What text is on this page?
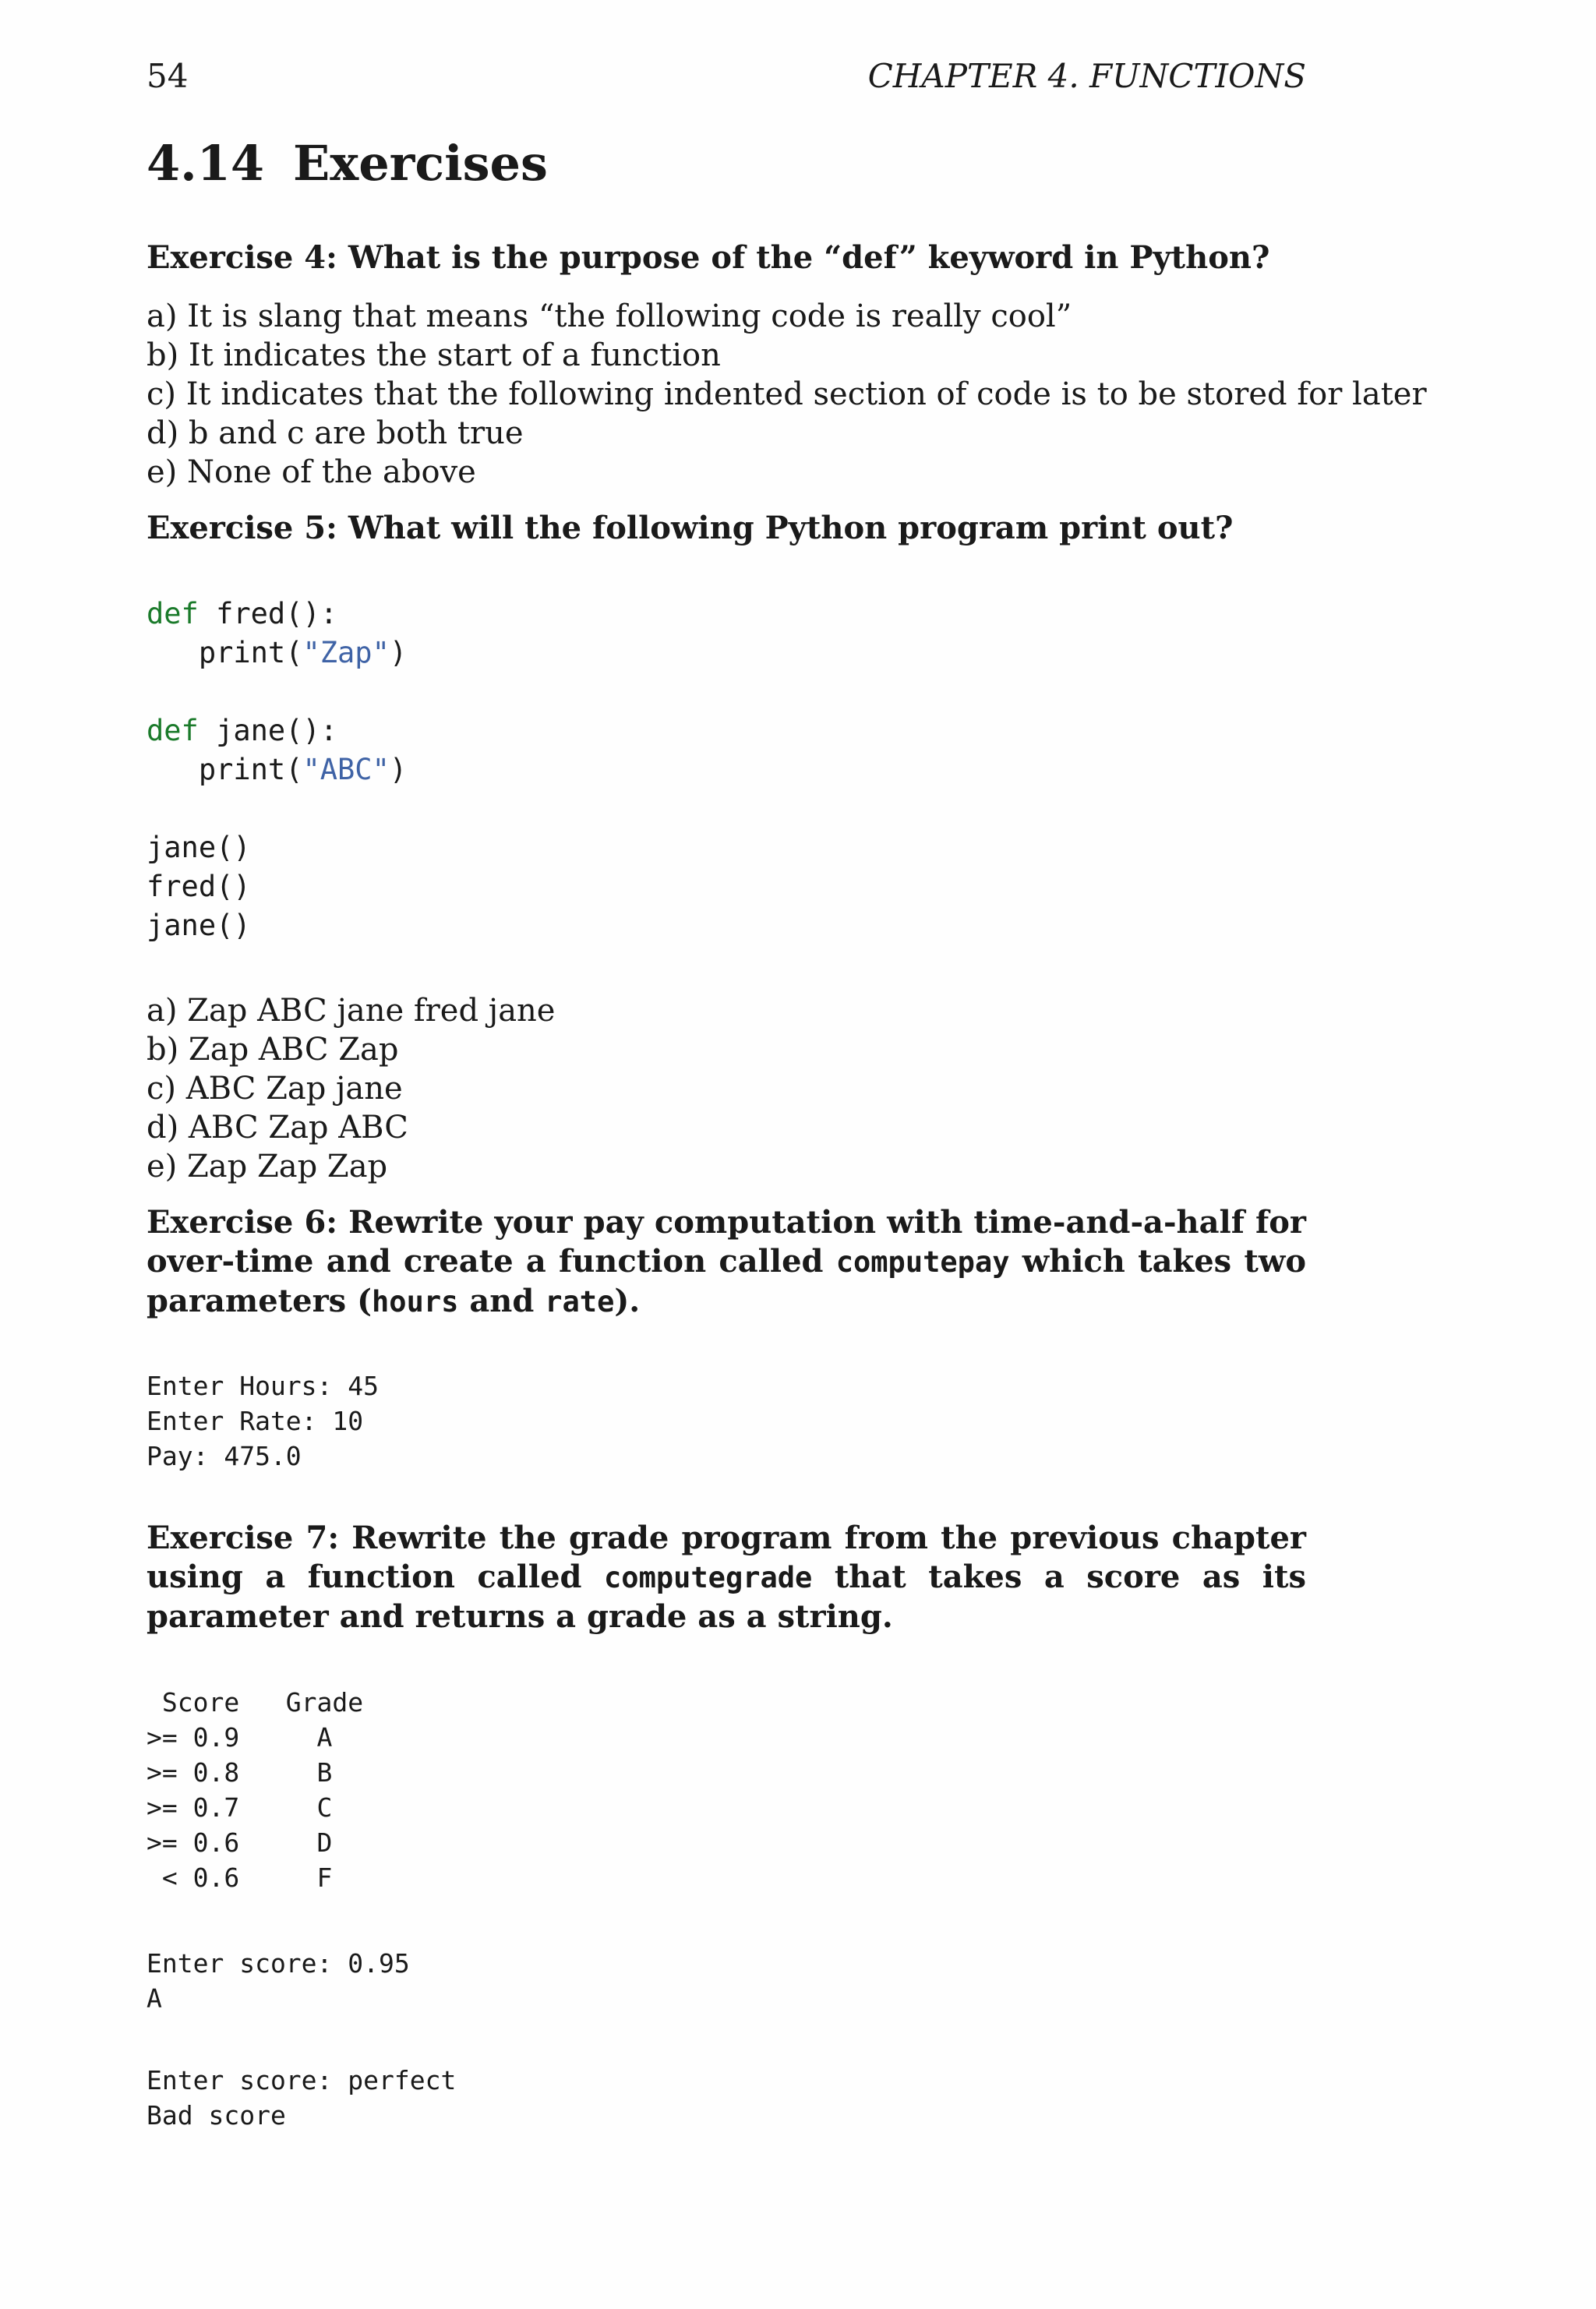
54	CHAPTER 4. FUNCTIONS
4.14 Exercises

Exercise 4: What is the purpose of the “def” keyword in Python?

a) It is slang that means “the following code is really cool”
b) It indicates the start of a function
c) It indicates that the following indented section of code is to be stored for later
d) b and c are both true
e) None of the above

Exercise 5: What will the following Python program print out?

def fred():
print("Zap")
def jane():
print("ABC")
jane()
fred()
jane()
a) Zap ABC jane fred jane
b) Zap ABC Zap
c) ABC Zap jane
d) ABC Zap ABC
e) Zap Zap Zap

Exercise 6: Rewrite your pay computation with time-and-a-half for over-time and create a function called computepay which takes two parameters (hours and rate).

Enter Hours: 45
Enter Rate: 10
Pay: 475.0

Exercise 7: Rewrite the grade program from the previous chapter using a function called computegrade that takes a score as its parameter and returns a grade as a string.

Score   Grade
>= 0.9     A
>= 0.8     B
>= 0.7     C
>= 0.6     D
< 0.6     F
Enter score: 0.95
A
Enter score: perfect
Bad score
